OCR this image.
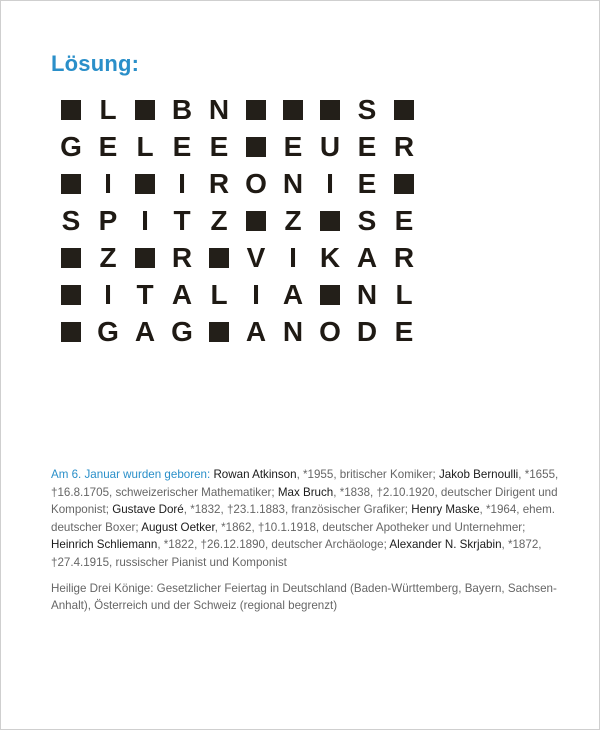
Lösung:
L B N	S
G E L E E E U E R
I	I R O N I E
S P I T Z Z S E
Z R V I K A R
I T A L I A N L
G A G A N O D E

Am 6. Januar wurden geboren: Rowan Atkinson, *1955, britischer Komiker; Jakob Bernoulli, *1655, †16.8.1705, schweizerischer Mathematiker; Max Bruch, *1838, †2.10.1920, deutscher Dirigent und Komponist; Gustave Doré, *1832, †23.1.1883, französischer Grafiker; Henry Maske, *1964, ehem. deutscher Boxer; August Oetker, *1862, †10.1.1918, deutscher Apotheker und Unternehmer; Heinrich Schliemann, *1822, †26.12.1890, deutscher Archäologe; Alexander N. Skrjabin, *1872, †27.4.1915, russischer Pianist und Komponist

Heilige Drei Könige: Gesetzlicher Feiertag in Deutschland (Baden-Württemberg, Bayern, Sachsen-Anhalt), Österreich und der Schweiz (regional begrenzt)
